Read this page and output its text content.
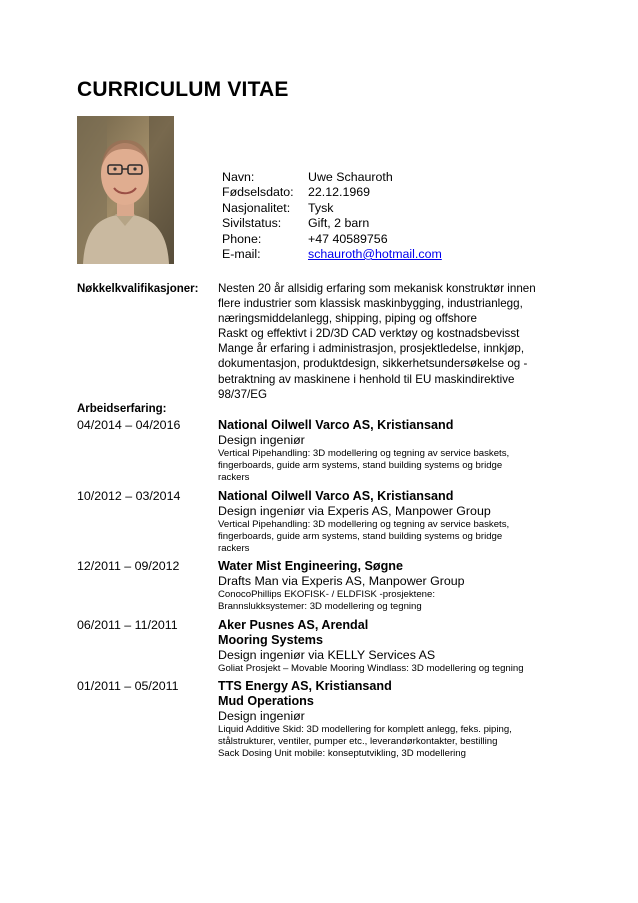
CURRICULUM VITAE
Navn:	Uwe Schauroth
Fødselsdato:	22.12.1969
Nasjonalitet:	Tysk
Sivilstatus:	Gift, 2 barn
Phone:	+47 40589756
E-mail:	schauroth@hotmail.com
Nøkkelkvalifikasjoner: Nesten 20 år allsidig erfaring som mekanisk konstruktør innen
flere industrier som klassisk maskinbygging, industrianlegg,
næringsmiddelanlegg, shipping, piping og offshore
Raskt og effektivt i 2D/3D CAD verktøy og kostnadsbevisst
Mange år erfaring i administrasjon, prosjektledelse, innkjøp,
dokumentasjon, produktdesign, sikkerhetsundersøkelse og -
betraktning av maskinene i henhold til EU maskindirektive
98/37/EG
Arbeidserfaring:
04/2014 – 04/2016	National Oilwell Varco AS, Kristiansand
Design ingeniør
Vertical Pipehandling: 3D modellering og tegning av service baskets,
fingerboards, guide arm systems, stand building systems og bridge
rackers
10/2012 – 03/2014	National Oilwell Varco AS, Kristiansand
Design ingeniør via Experis AS, Manpower Group
Vertical Pipehandling: 3D modellering og tegning av service baskets,
fingerboards, guide arm systems, stand building systems og bridge
rackers
12/2011 – 09/2012	Water Mist Engineering, Søgne
Drafts Man via Experis AS, Manpower Group
ConocoPhillips EKOFISK- / ELDFISK -prosjektene:
Brannslukksystemer: 3D modellering og tegning
06/2011 – 11/2011	Aker Pusnes AS, Arendal
Mooring Systems
Design ingeniør via KELLY Services AS
Goliat Prosjekt – Movable Mooring Windlass: 3D modellering og tegning
01/2011 – 05/2011	TTS Energy AS, Kristiansand
Mud Operations
Design ingeniør
Liquid Additive Skid: 3D modellering for komplett anlegg, feks. piping,
stålstrukturer, ventiler, pumper etc., leverandørkontakter, bestilling
Sack Dosing Unit mobile: konseptutvikling, 3D modellering
